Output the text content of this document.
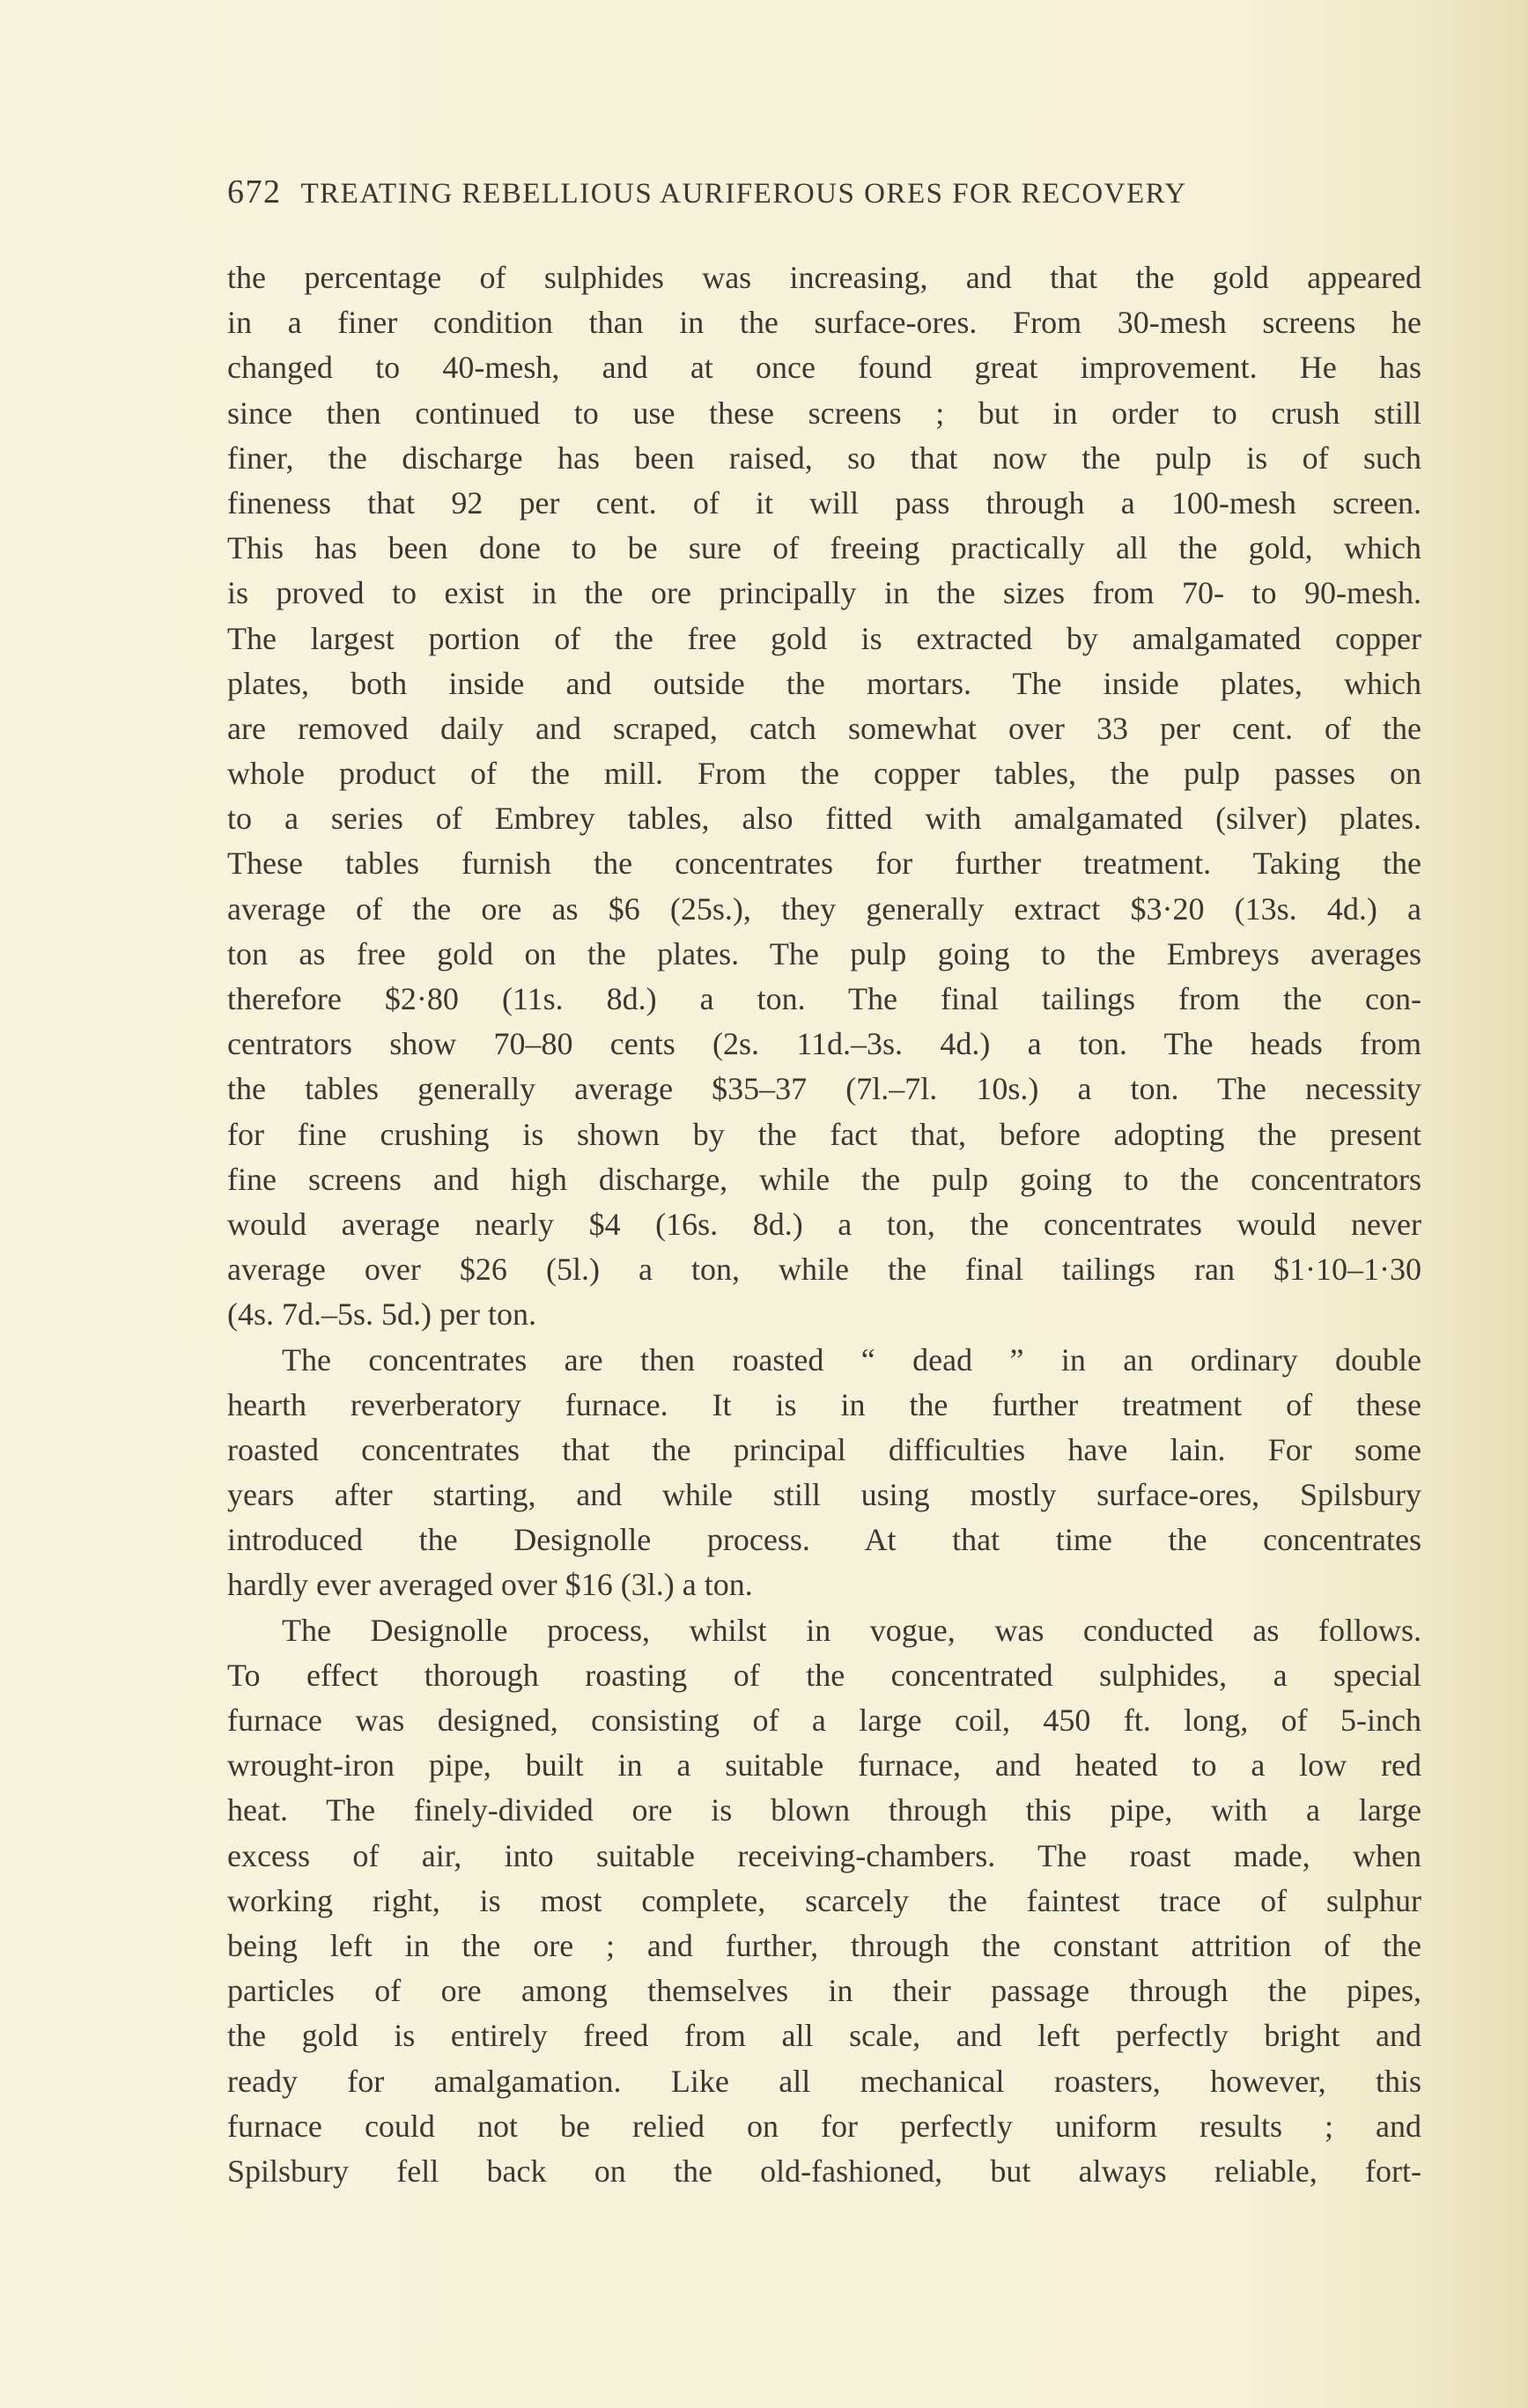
672 TREATING REBELLIOUS AURIFEROUS ORES FOR RECOVERY
the percentage of sulphides was increasing, and that the gold appeared
in a finer condition than in the surface-ores. From 30-mesh screens he
changed to 40-mesh, and at once found great improvement. He has
since then continued to use these screens ; but in order to crush still
finer, the discharge has been raised, so that now the pulp is of such
fineness that 92 per cent. of it will pass through a 100-mesh screen.
This has been done to be sure of freeing practically all the gold, which
is proved to exist in the ore principally in the sizes from 70- to 90-mesh.
The largest portion of the free gold is extracted by amalgamated copper
plates, both inside and outside the mortars. The inside plates, which
are removed daily and scraped, catch somewhat over 33 per cent. of the
whole product of the mill. From the copper tables, the pulp passes on
to a series of Embrey tables, also fitted with amalgamated (silver) plates.
These tables furnish the concentrates for further treatment. Taking the
average of the ore as $6 (25s.), they generally extract $3·20 (13s. 4d.) a
ton as free gold on the plates. The pulp going to the Embreys averages
therefore $2·80 (11s. 8d.) a ton. The final tailings from the con-
centrators show 70–80 cents (2s. 11d.–3s. 4d.) a ton. The heads from
the tables generally average $35–37 (7l.–7l. 10s.) a ton. The necessity
for fine crushing is shown by the fact that, before adopting the present
fine screens and high discharge, while the pulp going to the concentrators
would average nearly $4 (16s. 8d.) a ton, the concentrates would never
average over $26 (5l.) a ton, while the final tailings ran $1·10–1·30
(4s. 7d.–5s. 5d.) per ton.
The concentrates are then roasted “ dead ” in an ordinary double
hearth reverberatory furnace. It is in the further treatment of these
roasted concentrates that the principal difficulties have lain. For some
years after starting, and while still using mostly surface-ores, Spilsbury
introduced the Designolle process. At that time the concentrates
hardly ever averaged over $16 (3l.) a ton.
The Designolle process, whilst in vogue, was conducted as follows.
To effect thorough roasting of the concentrated sulphides, a special
furnace was designed, consisting of a large coil, 450 ft. long, of 5-inch
wrought-iron pipe, built in a suitable furnace, and heated to a low red
heat. The finely-divided ore is blown through this pipe, with a large
excess of air, into suitable receiving-chambers. The roast made, when
working right, is most complete, scarcely the faintest trace of sulphur
being left in the ore ; and further, through the constant attrition of the
particles of ore among themselves in their passage through the pipes,
the gold is entirely freed from all scale, and left perfectly bright and
ready for amalgamation. Like all mechanical roasters, however, this
furnace could not be relied on for perfectly uniform results ; and
Spilsbury fell back on the old-fashioned, but always reliable, fort-
